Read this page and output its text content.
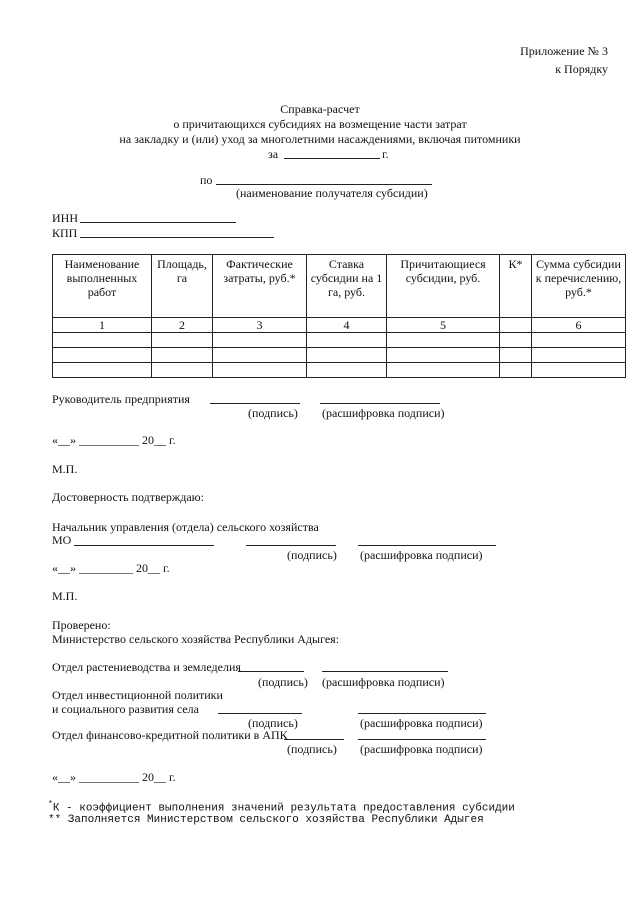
Приложение № 3
к Порядку
Справка-расчет
о причитающихся субсидиях на возмещение части затрат
на закладку и (или) уход за многолетними насаждениями, включая питомники
за	г.
по
(наименование получателя субсидии)
ИНН
КПП
Наименование выполненных работ	Площадь, га	Фактические затраты, руб.*	Ставка субсидии на 1 га, руб.	Причитающиеся субсидии, руб.	К*	Сумма субсидии к перечислению, руб.*
1	2	3	4	5		6

Руководитель предприятия
(подпись) (расшифровка подписи)
«__» __________ 20__ г.
М.П.
Достоверность подтверждаю:
Начальник управления (отдела) сельского хозяйства
МО
(подпись) (расшифровка подписи)
«__» _________ 20__ г.
М.П.
Проверено:
Министерство сельского хозяйства Республики Адыгея:
Отдел растениеводства и земледелия
(подпись) (расшифровка подписи)
Отдел инвестиционной политики
и социального развития села
(подпись)	(расшифровка подписи)
Отдел финансово-кредитной политики в АПК
(подпись) (расшифровка подписи)
«__» __________ 20__ г.
*К - коэффициент выполнения значений результата предоставления субсидии
** Заполняется Министерством сельского хозяйства Республики Адыгея
